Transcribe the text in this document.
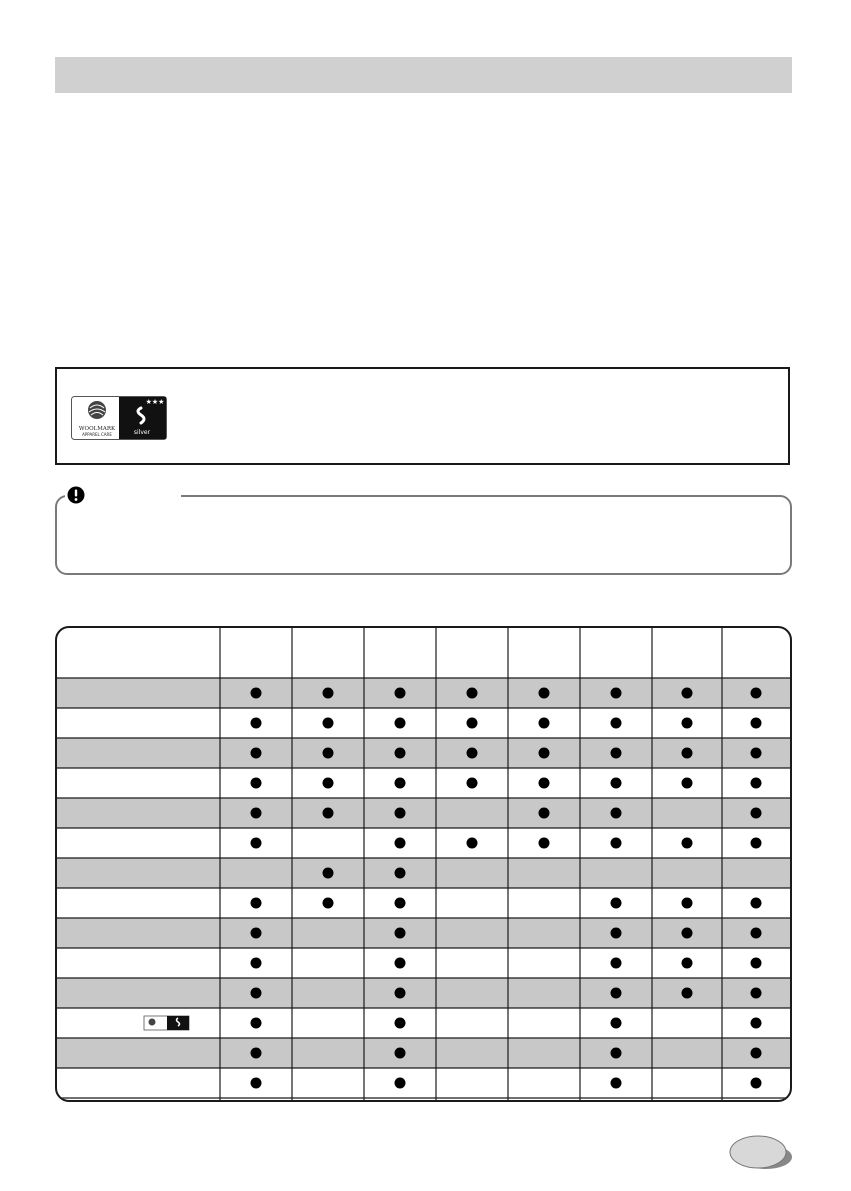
WOOLMARK
APPAREL CARE
★★★
silver
